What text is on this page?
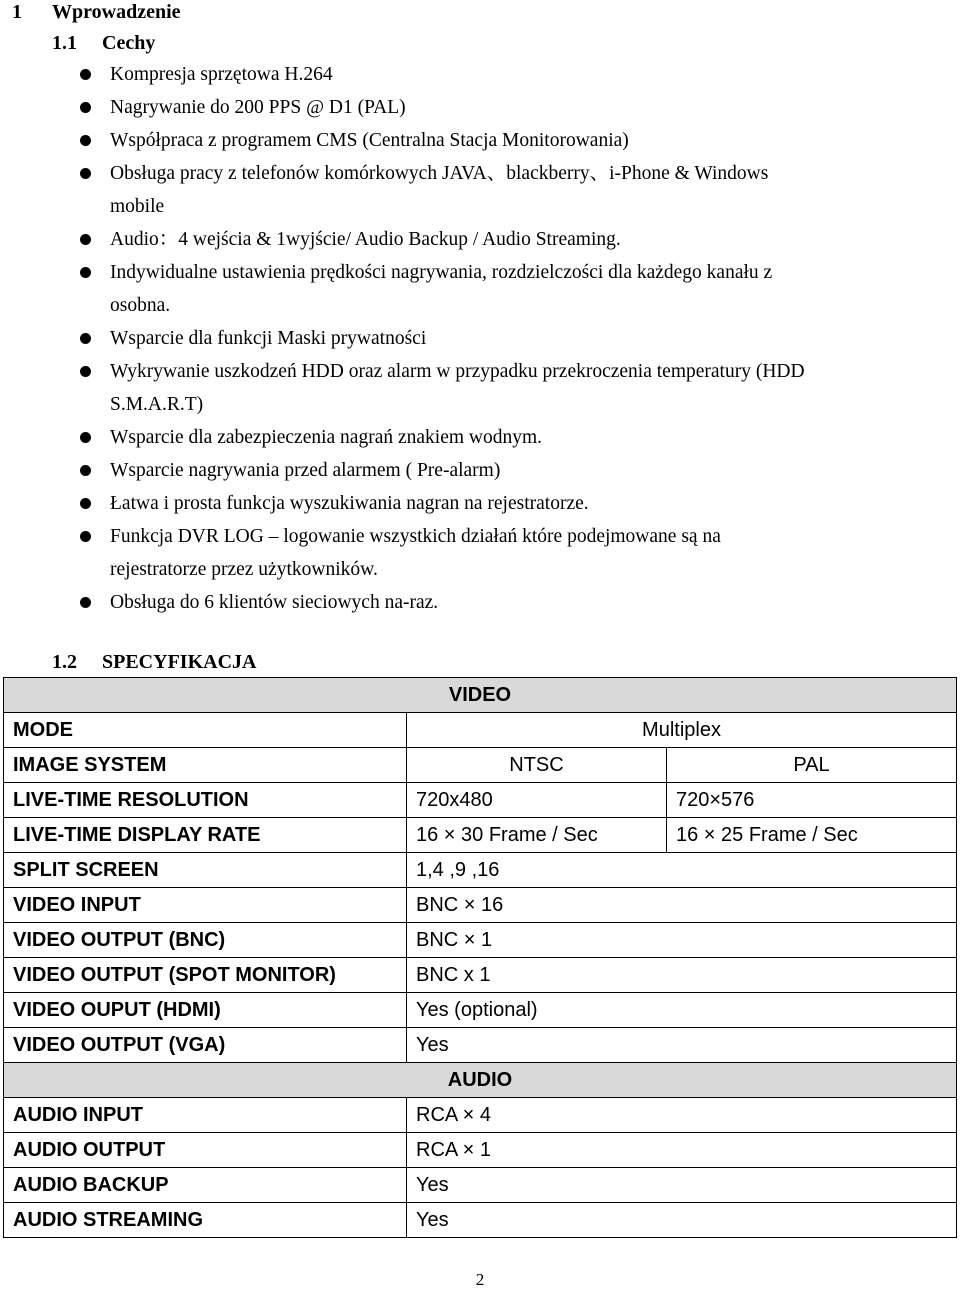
1 Wprowadzenie
1.1 Cechy
Kompresja sprzętowa H.264
Nagrywanie do 200 PPS @ D1 (PAL)
Współpraca z programem CMS (Centralna Stacja Monitorowania)
Obsługa pracy z telefonów komórkowych JAVA、blackberry、i-Phone & Windows
mobile
Audio：4 wejścia & 1wyjście/ Audio Backup / Audio Streaming.
Indywidualne ustawienia prędkości nagrywania, rozdzielczości dla każdego kanału z
osobna.
Wsparcie dla funkcji Maski prywatności
Wykrywanie uszkodzeń HDD oraz alarm w przypadku przekroczenia temperatury (HDD
S.M.A.R.T)
Wsparcie dla zabezpieczenia nagrań znakiem wodnym.
Wsparcie nagrywania przed alarmem ( Pre-alarm)
Łatwa i prosta funkcja wyszukiwania nagran na rejestratorze.
Funkcja DVR LOG – logowanie wszystkich działań które podejmowane są na
rejestratorze przez użytkowników.
Obsługa do 6 klientów sieciowych na-raz.
1.2 SPECYFIKACJA
VIDEO		
MODE	Multiplex	
IMAGE SYSTEM	NTSC	PAL
LIVE-TIME RESOLUTION	720x480	720×576
LIVE-TIME DISPLAY RATE	16 × 30 Frame / Sec	16 × 25 Frame / Sec
SPLIT SCREEN	1,4 ,9 ,16	
VIDEO INPUT	BNC × 16	
VIDEO OUTPUT (BNC)	BNC × 1	
VIDEO OUTPUT (SPOT MONITOR)	BNC x 1	
VIDEO OUPUT (HDMI)	Yes (optional)	
VIDEO OUTPUT (VGA)	Yes	
AUDIO		
AUDIO INPUT	RCA × 4	
AUDIO OUTPUT	RCA × 1	
AUDIO BACKUP	Yes	
AUDIO STREAMING	Yes	
2
